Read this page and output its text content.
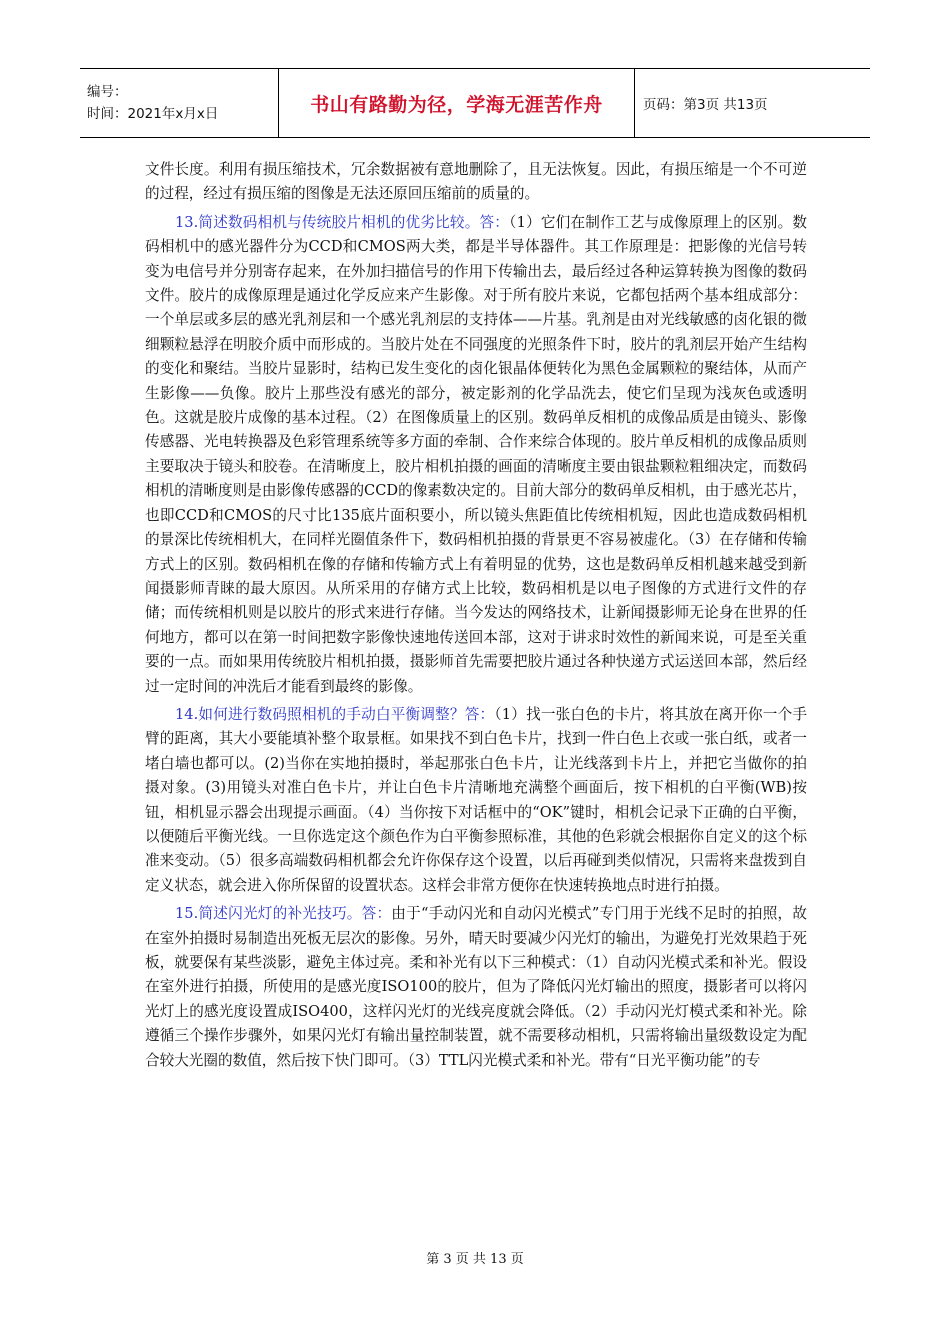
编号：
时间：2021年x月x日	书山有路勤为径，学海无涯苦作舟	页码：第3页 共13页

文件长度。利用有损压缩技术，冗余数据被有意地删除了，且无法恢复。因此，有损压缩是一个不可逆的过程，经过有损压缩的图像是无法还原回压缩前的质量的。

13.简述数码相机与传统胶片相机的优劣比较。答：（1）它们在制作工艺与成像原理上的区别。数码相机中的感光器件分为CCD和CMOS两大类，都是半导体器件。其工作原理是：把影像的光信号转变为电信号并分别寄存起来，在外加扫描信号的作用下传输出去，最后经过各种运算转换为图像的数码文件。胶片的成像原理是通过化学反应来产生影像。对于所有胶片来说，它都包括两个基本组成部分：一个单层或多层的感光乳剂层和一个感光乳剂层的支持体——片基。乳剂是由对光线敏感的卤化银的微细颗粒悬浮在明胶介质中而形成的。当胶片处在不同强度的光照条件下时，胶片的乳剂层开始产生结构的变化和聚结。当胶片显影时，结构已发生变化的卤化银晶体便转化为黑色金属颗粒的聚结体，从而产生影像——负像。胶片上那些没有感光的部分，被定影剂的化学品洗去，使它们呈现为浅灰色或透明色。这就是胶片成像的基本过程。（2）在图像质量上的区别。数码单反相机的成像品质是由镜头、影像传感器、光电转换器及色彩管理系统等多方面的牵制、合作来综合体现的。胶片单反相机的成像品质则主要取决于镜头和胶卷。在清晰度上，胶片相机拍摄的画面的清晰度主要由银盐颗粒粗细决定，而数码相机的清晰度则是由影像传感器的CCD的像素数决定的。目前大部分的数码单反相机，由于感光芯片，也即CCD和CMOS的尺寸比135底片面积要小，所以镜头焦距值比传统相机短，因此也造成数码相机的景深比传统相机大，在同样光圈值条件下，数码相机拍摄的背景更不容易被虚化。（3）在存储和传输方式上的区别。数码相机在像的存储和传输方式上有着明显的优势，这也是数码单反相机越来越受到新闻摄影师青睐的最大原因。从所采用的存储方式上比较，数码相机是以电子图像的方式进行文件的存储；而传统相机则是以胶片的形式来进行存储。当今发达的网络技术，让新闻摄影师无论身在世界的任何地方，都可以在第一时间把数字影像快速地传送回本部，这对于讲求时效性的新闻来说，可是至关重要的一点。而如果用传统胶片相机拍摄，摄影师首先需要把胶片通过各种快递方式运送回本部，然后经过一定时间的冲洗后才能看到最终的影像。

14.如何进行数码照相机的手动白平衡调整？答：（1）找一张白色的卡片，将其放在离开你一个手臂的距离，其大小要能填补整个取景框。如果找不到白色卡片，找到一件白色上衣或一张白纸，或者一堵白墙也都可以。(2)当你在实地拍摄时，举起那张白色卡片，让光线落到卡片上，并把它当做你的拍摄对象。(3)用镜头对准白色卡片，并让白色卡片清晰地充满整个画面后，按下相机的白平衡(WB)按钮，相机显示器会出现提示画面。（4）当你按下对话框中的“OK”键时，相机会记录下正确的白平衡，以便随后平衡光线。一旦你选定这个颜色作为白平衡参照标准，其他的色彩就会根据你自定义的这个标准来变动。（5）很多高端数码相机都会允许你保存这个设置，以后再碰到类似情况，只需将来盘拨到自定义状态，就会进入你所保留的设置状态。这样会非常方便你在快速转换地点时进行拍摄。

15.简述闪光灯的补光技巧。答：由于“手动闪光和自动闪光模式”专门用于光线不足时的拍照，故在室外拍摄时易制造出死板无层次的影像。另外，晴天时要减少闪光灯的输出，为避免打光效果趋于死板，就要保有某些淡影，避免主体过亮。柔和补光有以下三种模式：（1）自动闪光模式柔和补光。假设在室外进行拍摄，所使用的是感光度ISO100的胶片，但为了降低闪光灯输出的照度，摄影者可以将闪光灯上的感光度设置成ISO400，这样闪光灯的光线亮度就会降低。（2）手动闪光灯模式柔和补光。除遵循三个操作步骤外，如果闪光灯有输出量控制装置，就不需要移动相机，只需将输出量级数设定为配合较大光圈的数值，然后按下快门即可。（3）TTL闪光模式柔和补光。带有“日光平衡功能”的专

第 3 页 共 13 页
